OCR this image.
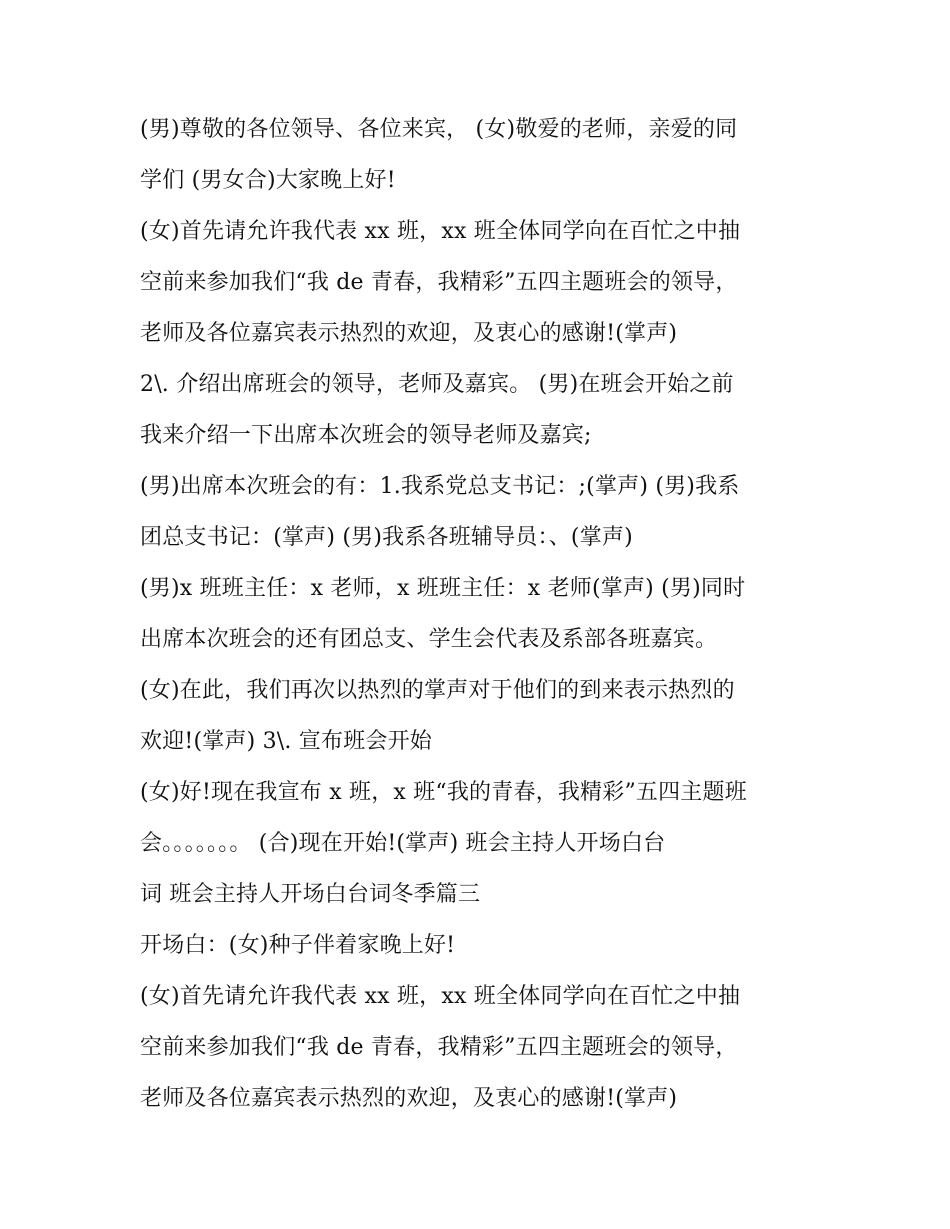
(男)尊敬的各位领导、各位来宾， (女)敬爱的老师，亲爱的同
学们 (男女合)大家晚上好!
(女)首先请允许我代表 xx 班，xx 班全体同学向在百忙之中抽
空前来参加我们“我 de 青春，我精彩”五四主题班会的领导，
老师及各位嘉宾表示热烈的欢迎，及衷心的感谢!(掌声)
2\. 介绍出席班会的领导，老师及嘉宾。 (男)在班会开始之前
我来介绍一下出席本次班会的领导老师及嘉宾;
(男)出席本次班会的有：1.我系党总支书记：;(掌声) (男)我系
团总支书记：(掌声) (男)我系各班辅导员：、(掌声)
(男)x 班班主任：x 老师，x 班班主任：x 老师(掌声) (男)同时
出席本次班会的还有团总支、学生会代表及系部各班嘉宾。
(女)在此，我们再次以热烈的掌声对于他们的到来表示热烈的
欢迎!(掌声) 3\. 宣布班会开始
(女)好!现在我宣布 x 班，x 班“我的青春，我精彩”五四主题班
会。。。。。。。 (合)现在开始!(掌声) 班会主持人开场白台
词 班会主持人开场白台词冬季篇三
开场白：(女)种子伴着家晚上好!
(女)首先请允许我代表 xx 班，xx 班全体同学向在百忙之中抽
空前来参加我们“我 de 青春，我精彩”五四主题班会的领导，
老师及各位嘉宾表示热烈的欢迎，及衷心的感谢!(掌声)
